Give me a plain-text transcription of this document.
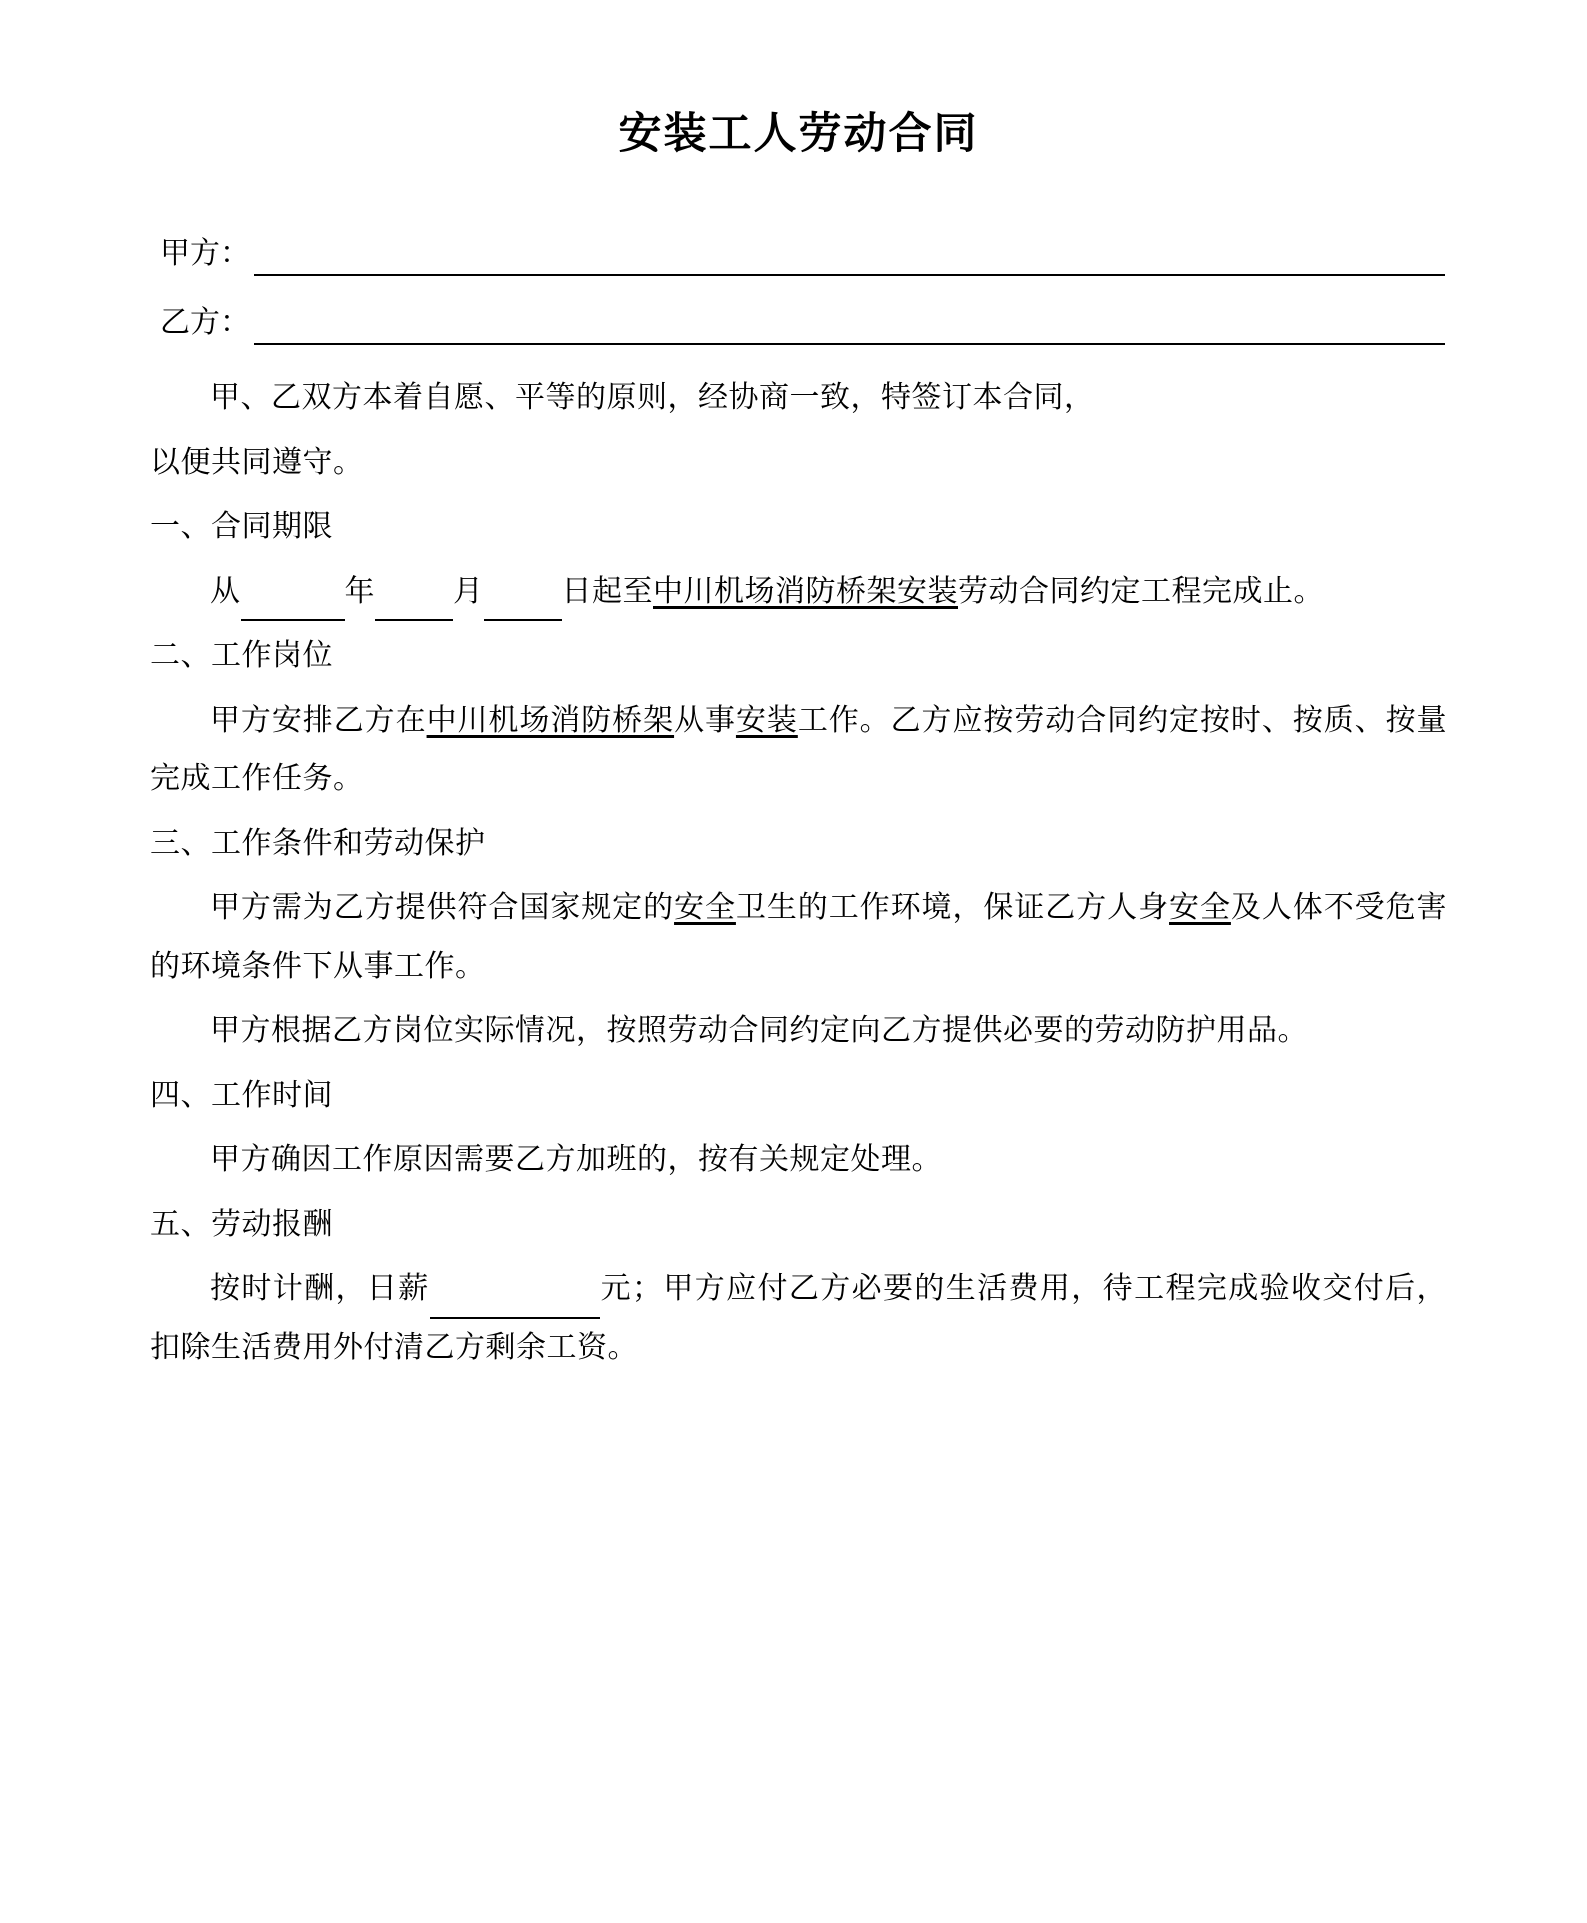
安装工人劳动合同
甲方：
乙方：

甲、乙双方本着自愿、平等的原则，经协商一致，特签订本合同，

以便共同遵守。

一、合同期限

从	年	月	日起至中川机场消防桥架安装劳动合同约定工程完成止。

二、工作岗位

甲方安排乙方在中川机场消防桥架从事安装工作。乙方应按劳动合同约定按时、按质、按量完成工作任务。

三、工作条件和劳动保护

甲方需为乙方提供符合国家规定的安全卫生的工作环境，保证乙方人身安全及人体不受危害的环境条件下从事工作。

甲方根据乙方岗位实际情况，按照劳动合同约定向乙方提供必要的劳动防护用品。

四、工作时间

甲方确因工作原因需要乙方加班的，按有关规定处理。

五、劳动报酬

按时计酬，日薪	元；甲方应付乙方必要的生活费用，待工程完成验收交付后，扣除生活费用外付清乙方剩余工资。
